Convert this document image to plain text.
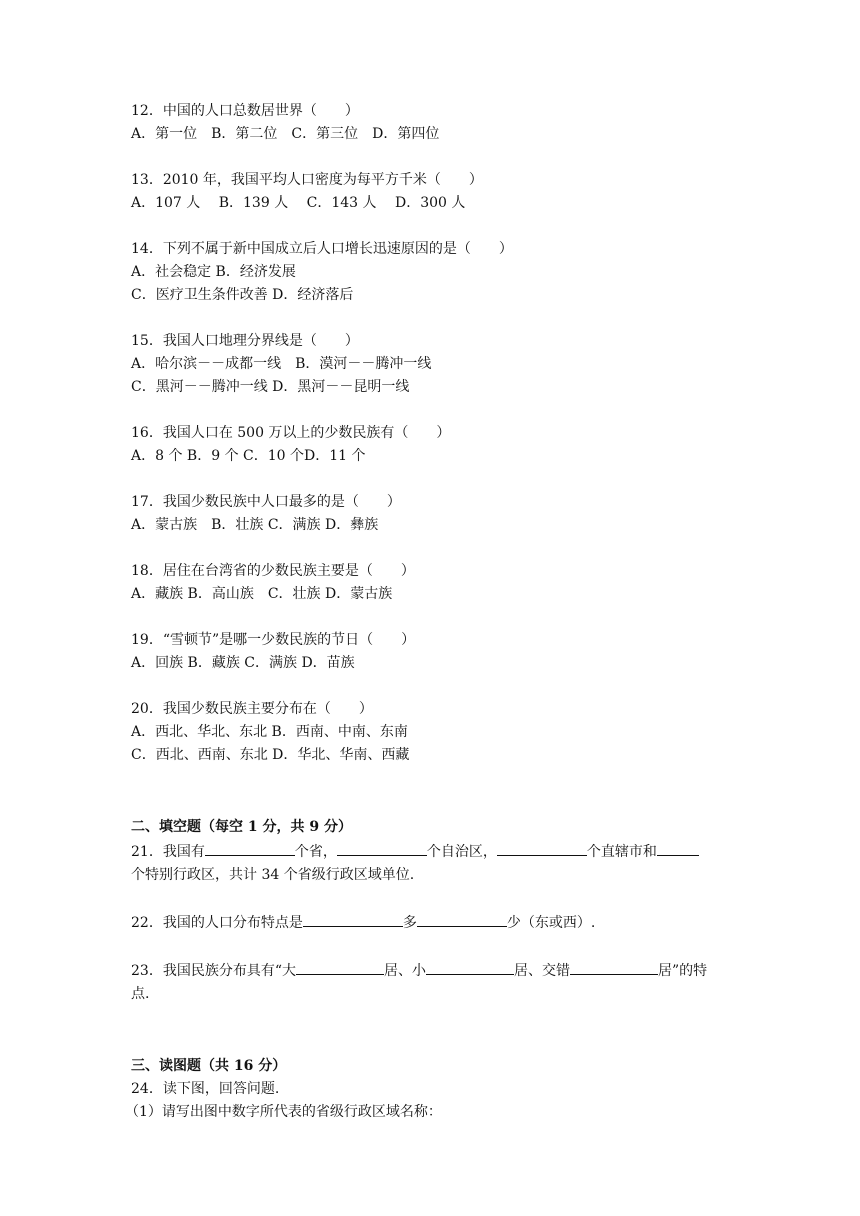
12．中国的人口总数居世界（　　）
A．第一位　B．第二位　C．第三位　D．第四位
13．2010 年，我国平均人口密度为每平方千米（　　）
A．107 人　 B．139 人　 C．143 人　 D．300 人
14．下列不属于新中国成立后人口增长迅速原因的是（　　）
A．社会稳定 B．经济发展
C．医疗卫生条件改善 D．经济落后
15．我国人口地理分界线是（　　）
A．哈尔滨－－成都一线　B．漠河－－腾冲一线
C．黑河－－腾冲一线 D．黑河－－昆明一线
16．我国人口在 500 万以上的少数民族有（　　）
A．8 个 B．9 个 C．10 个D．11 个
17．我国少数民族中人口最多的是（　　）
A．蒙古族　B．壮族 C．满族 D．彝族
18．居住在台湾省的少数民族主要是（　　）
A．藏族 B．高山族　C．壮族 D．蒙古族
19．“雪顿节”是哪一少数民族的节日（　　）
A．回族 B．藏族 C．满族 D．苗族
20．我国少数民族主要分布在（　　）
A．西北、华北、东北 B．西南、中南、东南
C．西北、西南、东北 D．华北、华南、西藏
二、填空题（每空 1 分，共 9 分）
21．我国有	个省，	个自治区，	个直辖市和
个特别行政区，共计 34 个省级行政区域单位.
22．我国的人口分布特点是	多	少（东或西）.
23．我国民族分布具有“大	居、小	居、交错	居”的特
点.
三、读图题（共 16 分）
24．读下图，回答问题.
（1）请写出图中数字所代表的省级行政区域名称：
